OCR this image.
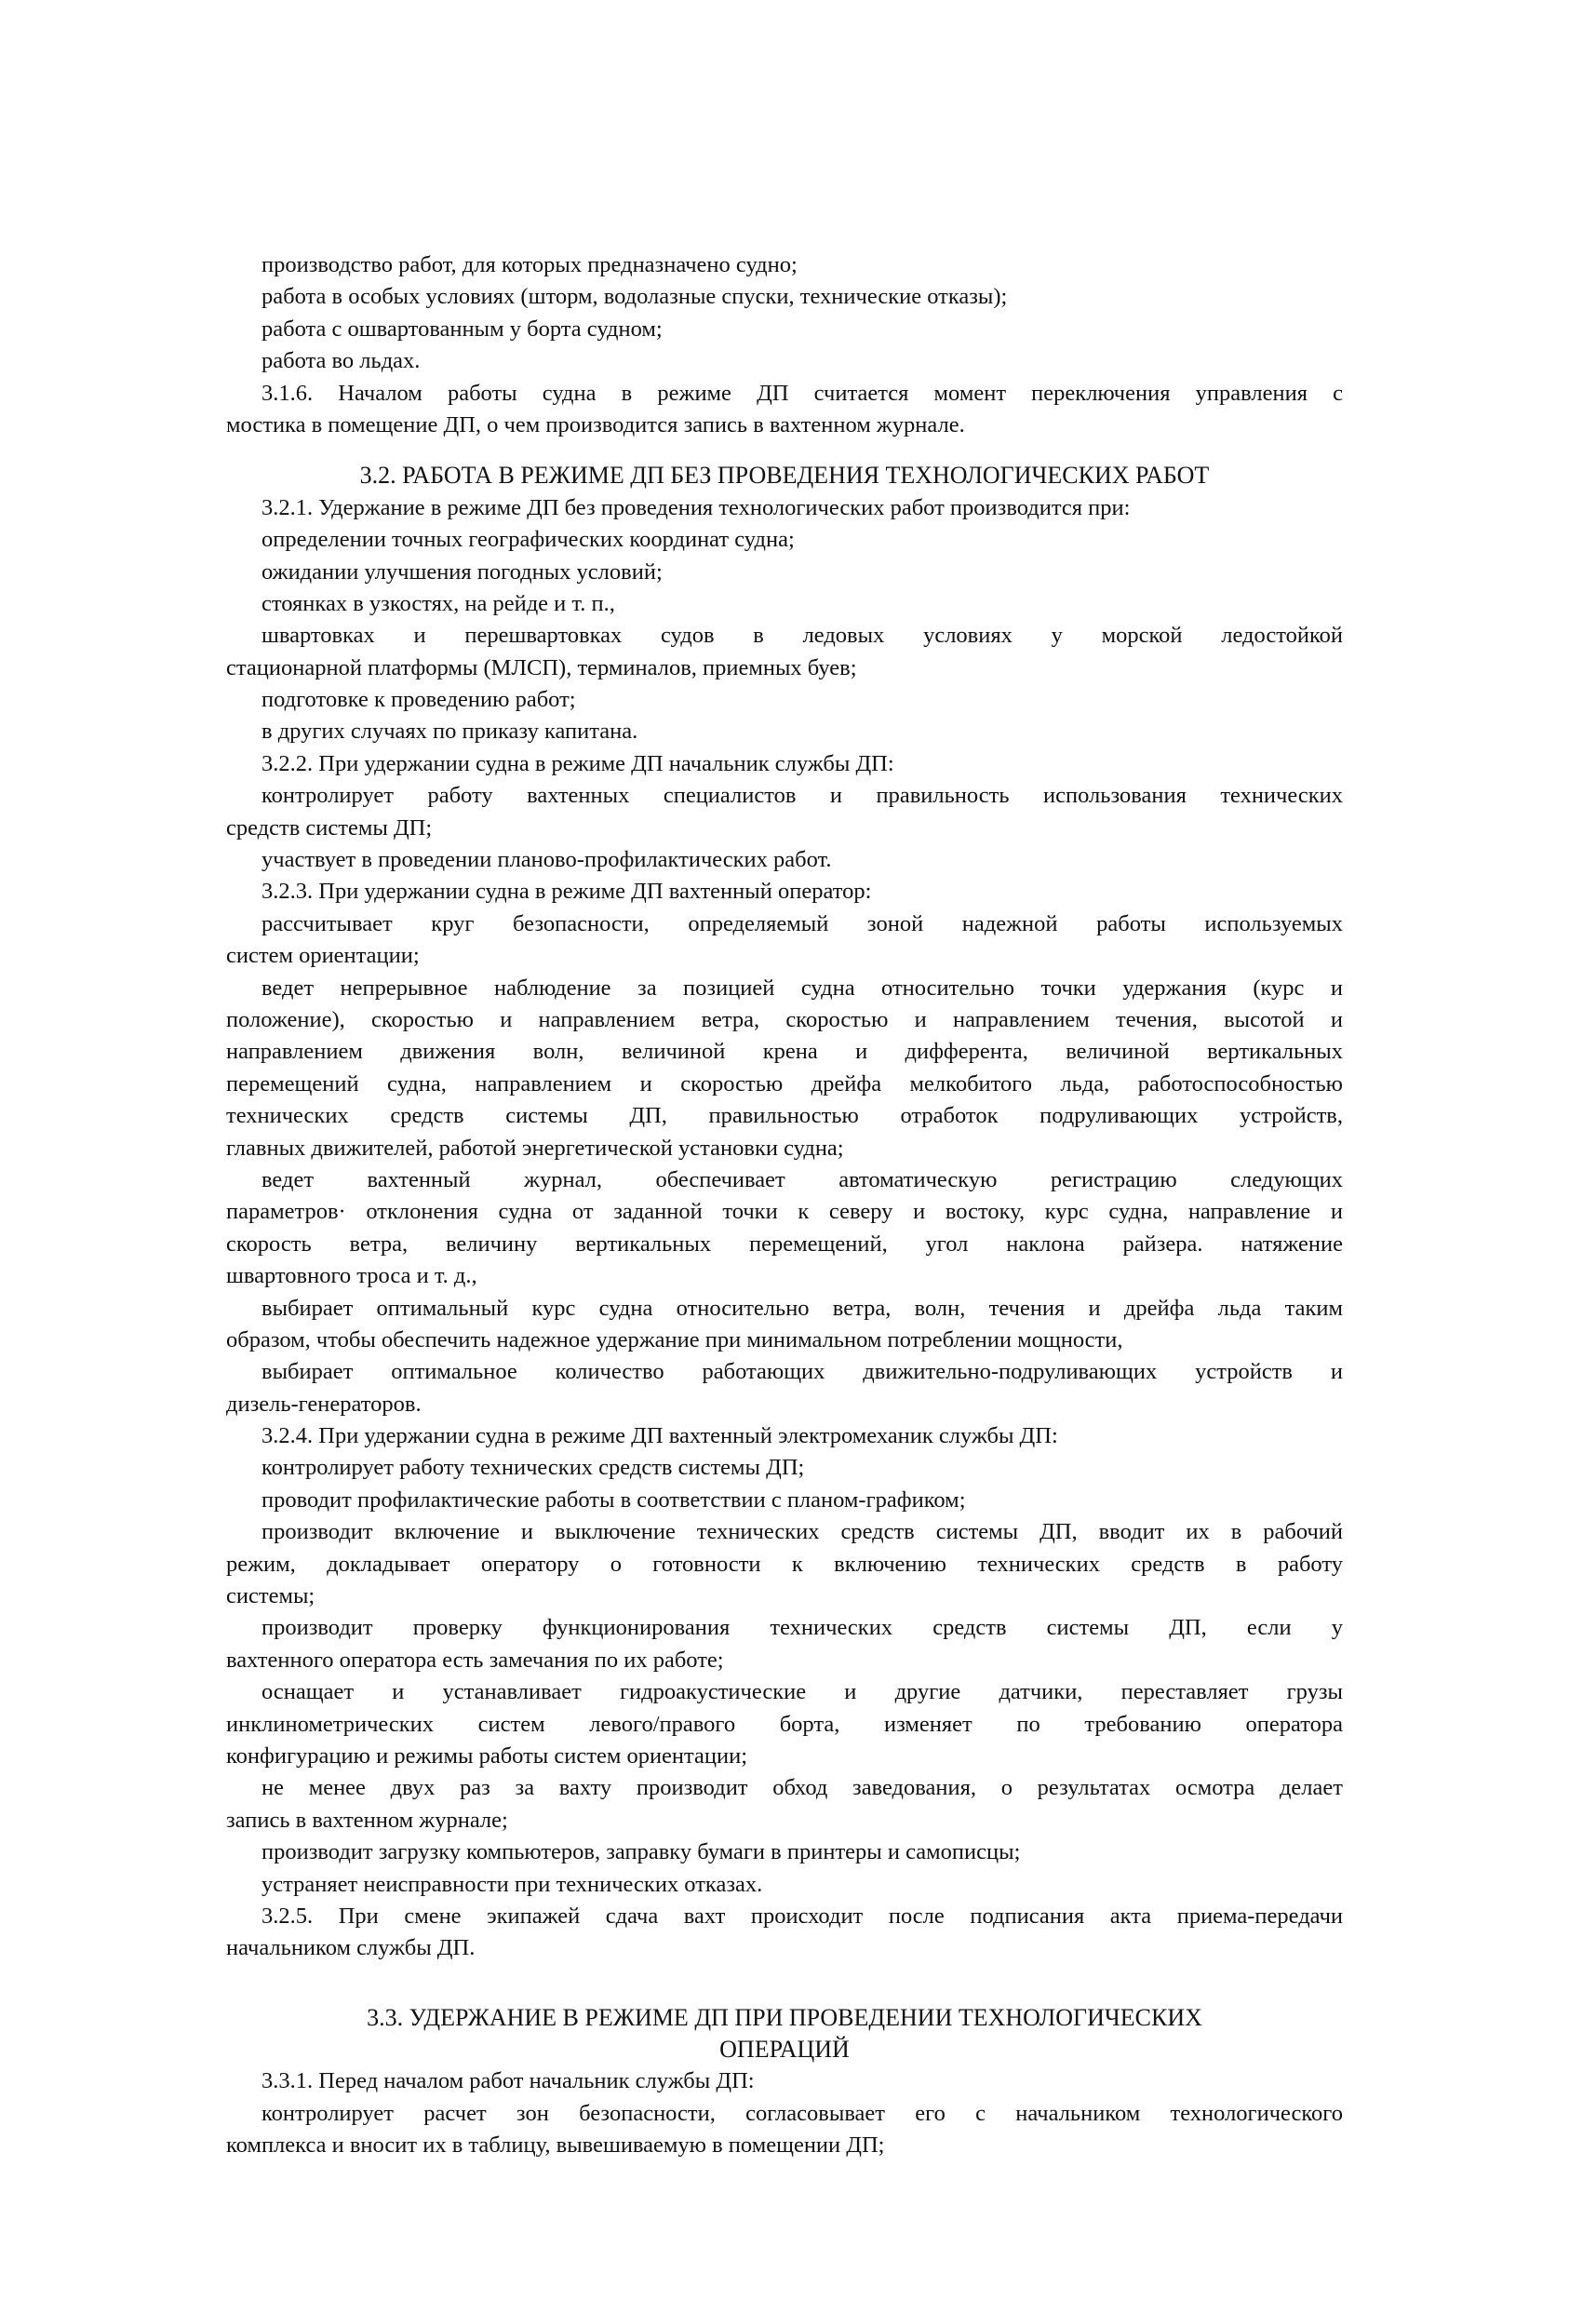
производство работ, для которых предназначено судно;
работа в особых условиях (шторм, водолазные спуски, технические отказы);
работа с ошвартованным у борта судном;
работа во льдах.
3.1.6. Началом работы судна в режиме ДП считается момент переключения управления с
мостика в помещение ДП, о чем производится запись в вахтенном журнале.
3.2. РАБОТА В РЕЖИМЕ ДП БЕЗ ПРОВЕДЕНИЯ ТЕХНОЛОГИЧЕСКИХ РАБОТ
3.2.1. Удержание в режиме ДП без проведения технологических работ производится при:
определении точных географических координат судна;
ожидании улучшения погодных условий;
стоянках в узкостях, на рейде и т. п.,
швартовках и перешвартовках судов в ледовых условиях у морской ледостойкой
стационарной платформы (МЛСП), терминалов, приемных буев;
подготовке к проведению работ;
в других случаях по приказу капитана.
3.2.2. При удержании судна в режиме ДП начальник службы ДП:
контролирует работу вахтенных специалистов и правильность использования технических
средств системы ДП;
участвует в проведении планово-профилактических работ.
3.2.3. При удержании судна в режиме ДП вахтенный оператор:
рассчитывает круг безопасности, определяемый зоной надежной работы используемых
систем ориентации;
ведет непрерывное наблюдение за позицией судна относительно точки удержания (курс и
положение), скоростью и направлением ветра, скоростью и направлением течения, высотой и
направлением движения волн, величиной крена и дифферента, величиной вертикальных
перемещений судна, направлением и скоростью дрейфа мелкобитого льда, работоспособностью
технических средств системы ДП, правильностью отработок подруливающих устройств,
главных движителей, работой энергетической установки судна;
ведет вахтенный журнал, обеспечивает автоматическую регистрацию следующих
параметров· отклонения судна от заданной точки к северу и востоку, курс судна, направление и
скорость ветра, величину вертикальных перемещений, угол наклона райзера. натяжение
швартовного троса и т. д.,
выбирает оптимальный курс судна относительно ветра, волн, течения и дрейфа льда таким
образом, чтобы обеспечить надежное удержание при минимальном потреблении мощности,
выбирает оптимальное количество работающих движительно-подруливающих устройств и
дизель-генераторов.
3.2.4. При удержании судна в режиме ДП вахтенный электромеханик службы ДП:
контролирует работу технических средств системы ДП;
проводит профилактические работы в соответствии с планом-графиком;
производит включение и выключение технических средств системы ДП, вводит их в рабочий
режим, докладывает оператору о готовности к включению технических средств в работу
системы;
производит проверку функционирования технических средств системы ДП, если у
вахтенного оператора есть замечания по их работе;
оснащает и устанавливает гидроакустические и другие датчики, переставляет грузы
инклинометрических систем левого/правого борта, изменяет по требованию оператора
конфигурацию и режимы работы систем ориентации;
не менее двух раз за вахту производит обход заведования, о результатах осмотра делает
запись в вахтенном журнале;
производит загрузку компьютеров, заправку бумаги в принтеры и самописцы;
устраняет неисправности при технических отказах.
3.2.5. При смене экипажей сдача вахт происходит после подписания акта приема-передачи
начальником службы ДП.
3.3. УДЕРЖАНИЕ В РЕЖИМЕ ДП ПРИ ПРОВЕДЕНИИ ТЕХНОЛОГИЧЕСКИХ
ОПЕРАЦИЙ
3.3.1. Перед началом работ начальник службы ДП:
контролирует расчет зон безопасности, согласовывает его с начальником технологического
комплекса и вносит их в таблицу, вывешиваемую в помещении ДП;
